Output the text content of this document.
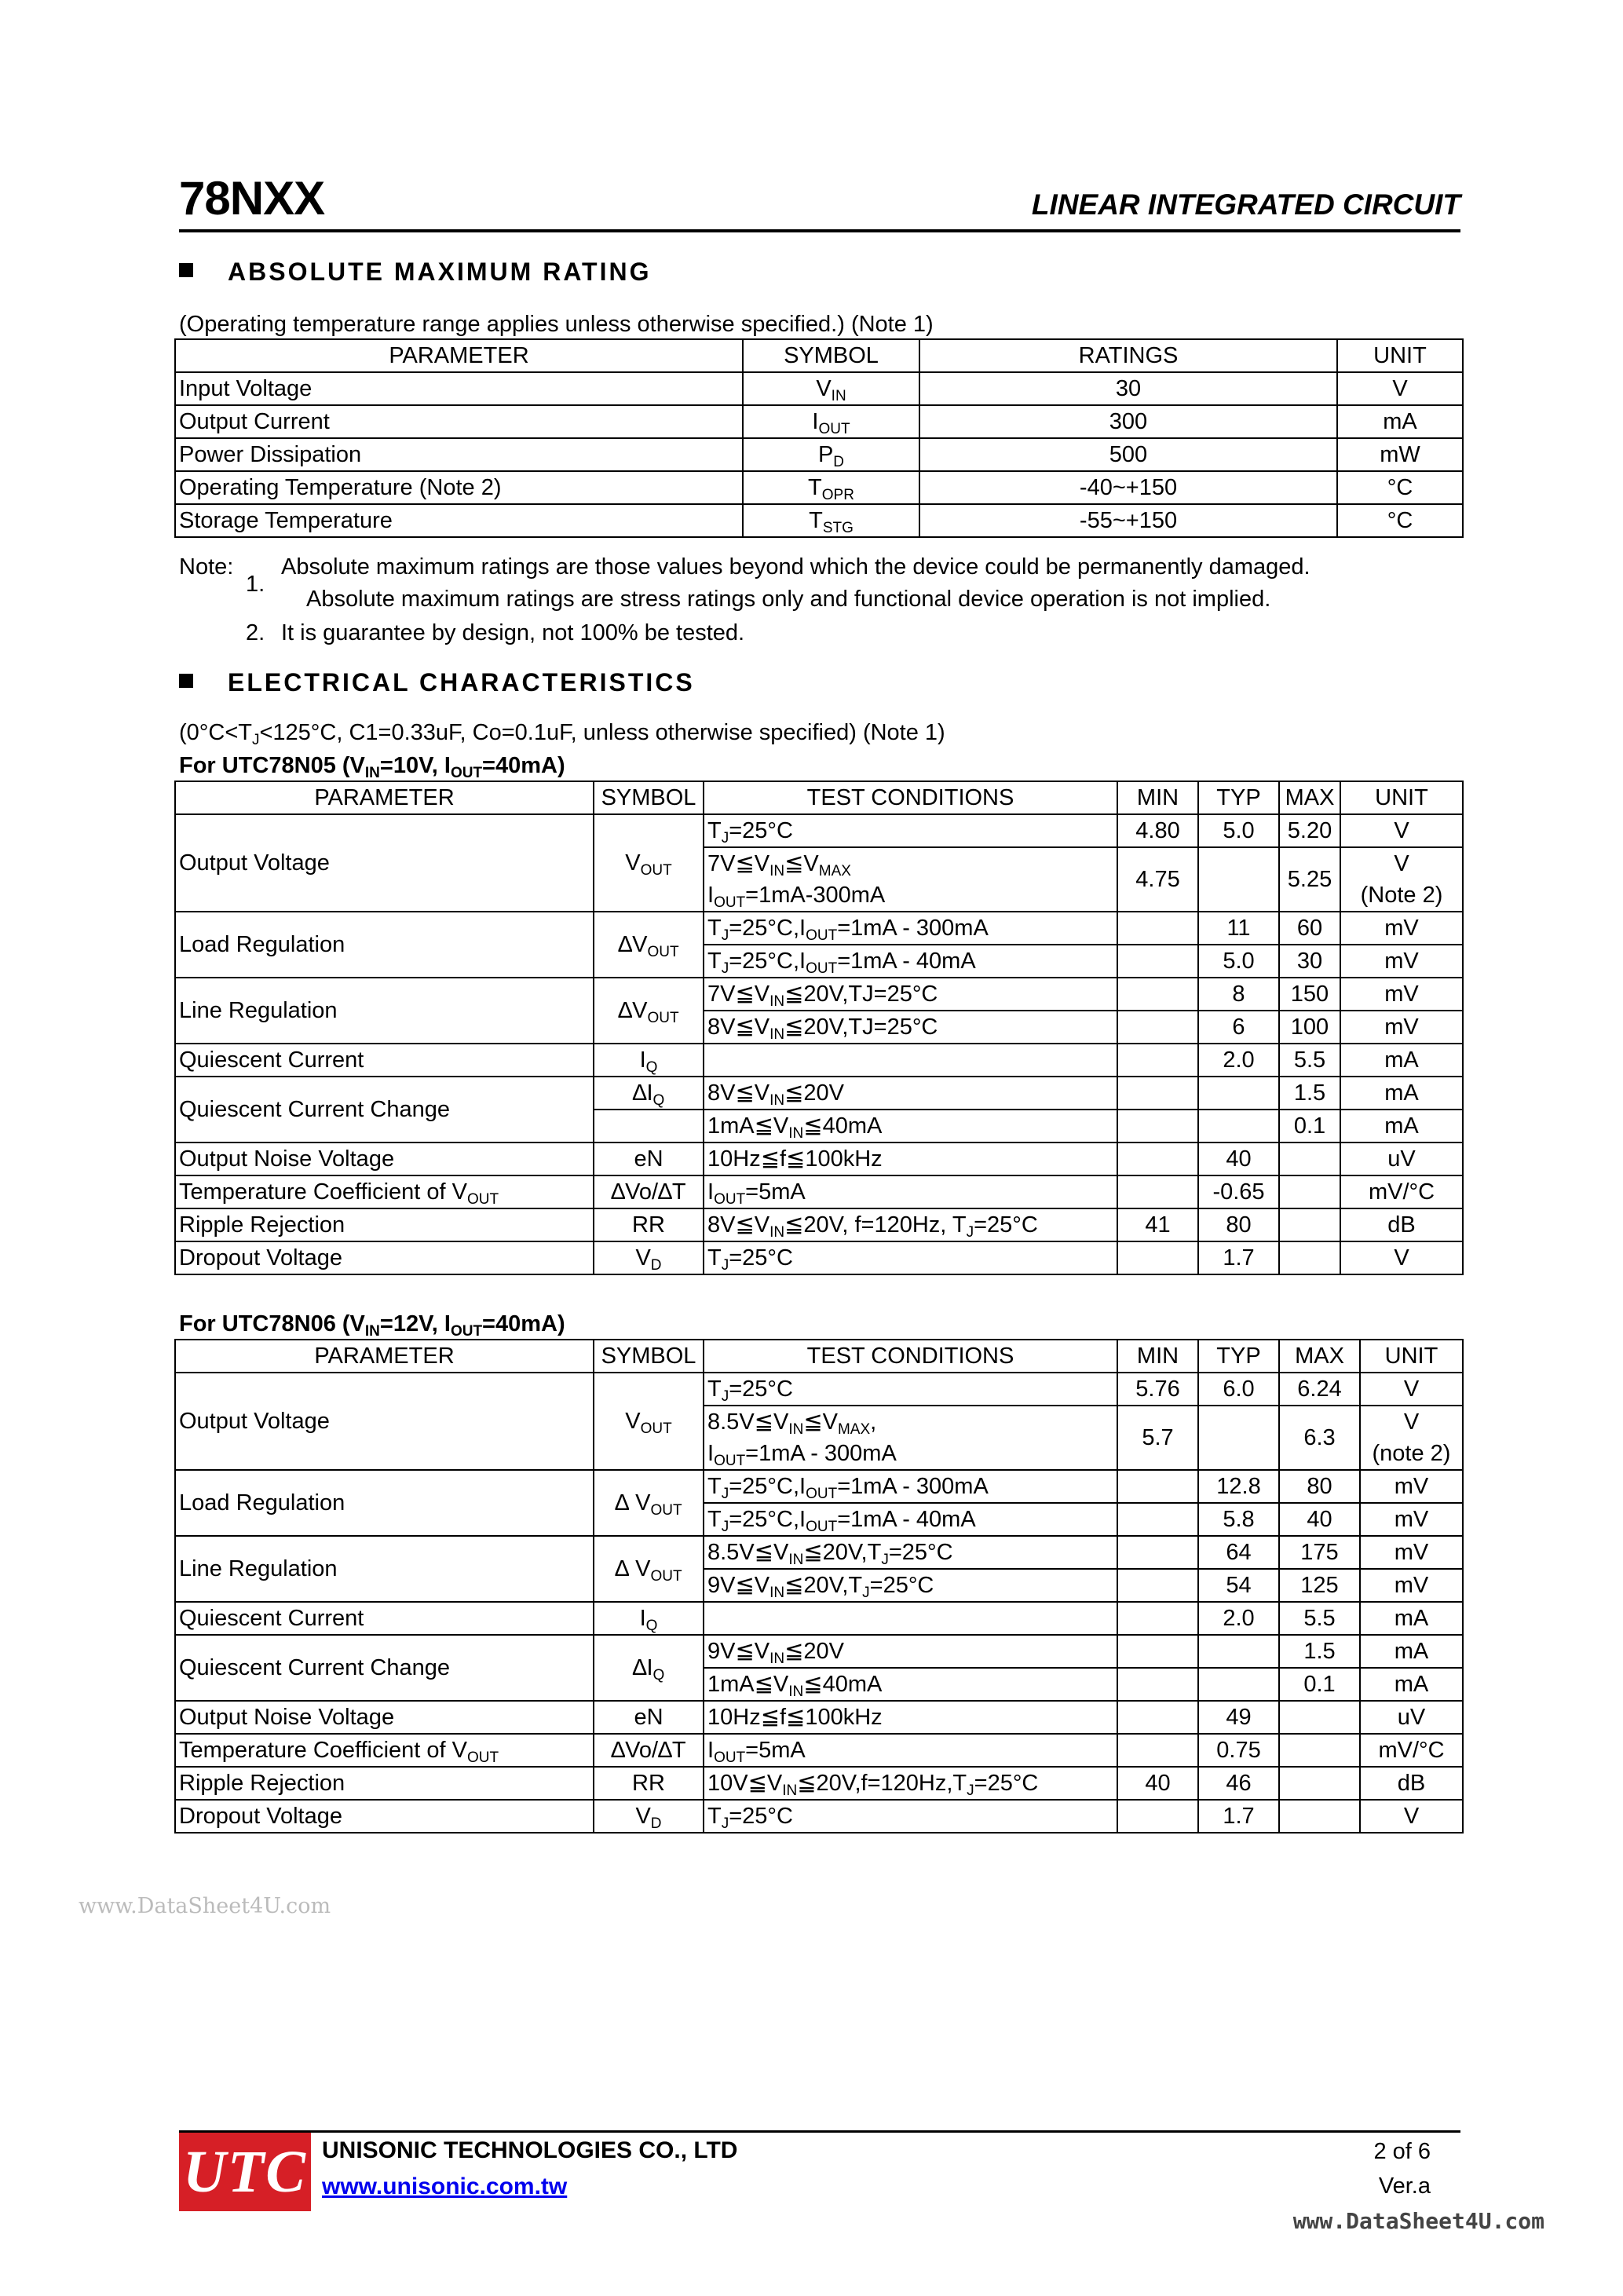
78NXX	LINEAR INTEGRATED CIRCUIT
ABSOLUTE MAXIMUM RATING
(Operating temperature range applies unless otherwise specified.) (Note 1)
PARAMETER	SYMBOL	RATINGS	UNIT
Input Voltage	$V_{IN}$	30	V
Output Current	$I_{OUT}$	300	mA
Power Dissipation	$P_D$	500	mW
Operating Temperature (Note 2)	$T_{OPR}$	-40~+150	°C
Storage Temperature	$T_{STG}$	-55~+150	°C
Note:
1.
Absolute maximum ratings are those values beyond which the device could be permanently damaged.
Absolute maximum ratings are stress ratings only and functional device operation is not implied.
2. It is guarantee by design, not 100% be tested.
ELECTRICAL CHARACTERISTICS
($0^\circ C<T_J<125^\circ C$, C1=0.33uF, Co=0.1uF, unless otherwise specified) (Note 1)
For UTC78N05 ($V_{IN}=10V$, $I_{OUT}=40mA$)
PARAMETER	SYMBOL	TEST CONDITIONS	MIN	TYP	MAX	UNIT
Output Voltage	$V_{OUT}$	$T_J=25^\circ C$	4.80	5.0	5.20	V
		$7V≦V_{IN}≦V_{MAX}$	4.75		5.25	V
		$I_{OUT}=1mA-300mA$				(Note 2)
Load Regulation	$\Delta V_{OUT}$	$T_J=25^\circ C,I_{OUT}=1mA - 300mA$		11	60	mV
		$T_J=25^\circ C,I_{OUT}=1mA - 40mA$		5.0	30	mV
Line Regulation	$\Delta V_{OUT}$	$7V≦V_{IN}≦20V,TJ=25^\circ C$		8	150	mV
		$8V≦V_{IN}≦20V,TJ=25^\circ C$		6	100	mV
Quiescent Current	$I_Q$			2.0	5.5	mA
Quiescent Current Change	$\Delta I_Q$	$8V≦V_{IN}≦20V$			1.5	mA
		$1mA≦V_{IN}≦40mA$			0.1	mA
Output Noise Voltage	eN	10Hz≦f≦100kHz		40		uV
Temperature Coefficient of $V_{OUT}$	∆Vo/∆T	$I_{OUT}=5mA$		-0.65		mV/°C
Ripple Rejection	RR	$8V≦V_{IN}≦20V$, f=120Hz, $T_J=25^\circ C$	41	80		dB
Dropout Voltage	$V_D$	$T_J=25^\circ C$		1.7		V
For UTC78N06 ($V_{IN}=12V$, $I_{OUT}=40mA$)
PARAMETER	SYMBOL	TEST CONDITIONS	MIN	TYP	MAX	UNIT
Output Voltage	$V_{OUT}$	$T_J=25^\circ C$	5.76	6.0	6.24	V
		$8.5V≦V_{IN}≦V_{MAX}$,	5.7		6.3	V
		$I_{OUT}=1mA - 300mA$				(note 2)
Load Regulation	∆ $V_{OUT}$	$T_J=25^\circ C,I_{OUT}=1mA - 300mA$		12.8	80	mV
		$T_J=25^\circ C,I_{OUT}=1mA - 40mA$		5.8	40	mV
Line Regulation	∆ $V_{OUT}$	$8.5V≦V_{IN}≦20V,T_J=25^\circ C$		64	175	mV
		$9V≦V_{IN}≦20V,T_J=25^\circ C$		54	125	mV
Quiescent Current	$I_Q$			2.0	5.5	mA
Quiescent Current Change	$\Delta I_Q$	$9V≦V_{IN}≦20V$			1.5	mA
		$1mA≦V_{IN}≦40mA$			0.1	mA
Output Noise Voltage	eN	10Hz≦f≦100kHz		49		uV
Temperature Coefficient of $V_{OUT}$	∆Vo/∆T	$I_{OUT}=5mA$		0.75		mV/°C
Ripple Rejection	RR	$10V≦V_{IN}≦20V,f=120Hz,T_J=25^\circ C$	40	46		dB
Dropout Voltage	$V_D$	$T_J=25^\circ C$		1.7		V
www.DataSheet4U.com
UTC UNISONIC TECHNOLOGIES CO., LTD
www.unisonic.com.tw
2 of 6
Ver.a
www.DataSheet4U.com
